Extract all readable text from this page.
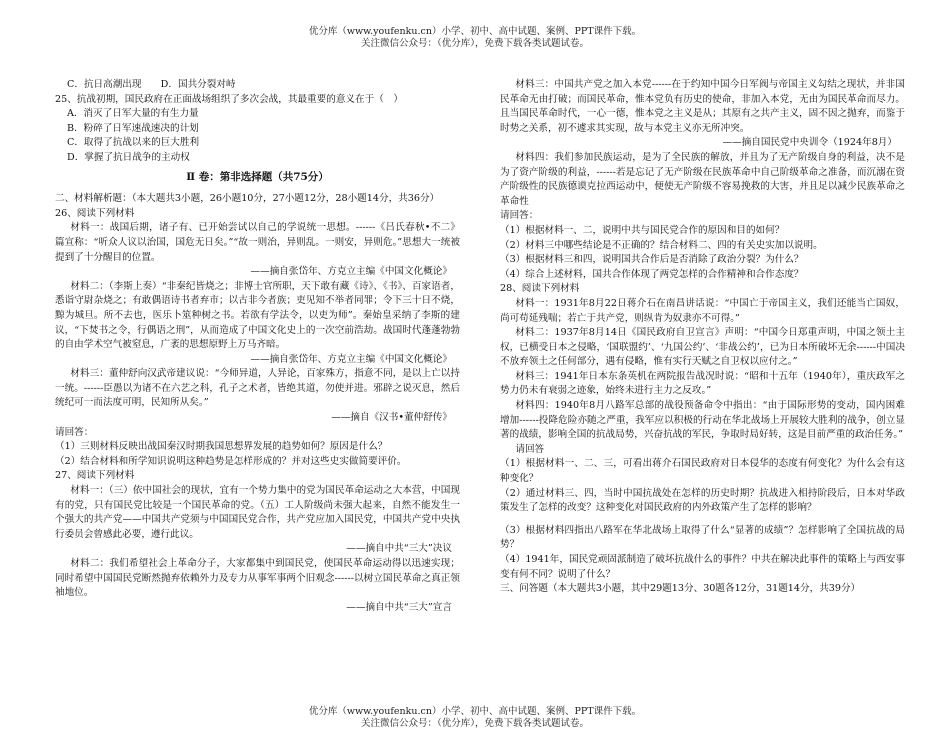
优分库（www.youfenku.cn）小学、初中、高中试题、案例、PPT课件下载。
关注微信公众号：（优分库），免费下载各类试题试卷。

C．抗日高潮出现　　D．国共分裂对峙

25、抗战初期，国民政府在正面战场组织了多次会战，其最重要的意义在于（　）

A．消灭了日军大量的有生力量

B．粉碎了日军速战速决的计划

C．取得了抗战以来的巨大胜利

D．掌握了抗日战争的主动权

Ⅱ 卷：第非选择题（共75分）

二、材料解析题：（本大题共3小题，26小题10分，27小题12分，28小题14分，共36分）

26、阅读下列材料

材料一：战国后期，诸子有、已开始尝试以自己的学说统一思想。------《吕氏春秋•不二》篇宣称：“听众人议以治国，国危无日矣。”“故一则治，异则乱。一则安，异则危。”思想大一统被提到了十分醒目的位置。

——摘自张岱年、方克立主编《中国文化概论》

材料二：（李斯上奏）“非秦纪皆烧之；非博士官所职，天下敢有藏《诗》、《书》、百家语者，悉诣守尉杂烧之；有敢偶语诗书者弃市；以古非今者族；吏见知不举者同罪；令下三十日不烧，黥为城旦。所不去也，医乐卜筮种树之书。若欲有学法令，以吏为师”。秦始皇采纳了李斯的建议，“下焚书之令，行偶语之刑”，从而造成了中国文化史上的一次空前浩劫。战国时代蓬蓬勃勃的自由学术空气被窒息，广袤的思想原野上万马齐暗。

——摘自张岱年、方克立主编《中国文化概论》

材料三：董仲舒向汉武帝建议说：“今师异道，人异论，百家殊方，指意不同，是以上亡以持一统。------臣愚以为诸不在六艺之科，孔子之术者，皆绝其道，勿使并进。邪辟之说灭息，然后统纪可一而法度可明，民知所从矣。”

——摘自《汉书•董仲舒传》

请回答：

（1）三则材料反映出战国秦汉时期我国思想界发展的趋势如何？原因是什么？

（2）结合材料和所学知识说明这种趋势是怎样形成的？并对这些史实做简要评价。

27、阅读下列材料

材料一：（三）依中国社会的现状，宜有一个势力集中的党为国民革命运动之大本营，中国现有的党，只有国民党比较是一个国民革命的党。（五）工人阶级尚未强大起来，自然不能发生一个强大的共产党——中国共产党须与中国国民党合作，共产党应加入国民党，中国共产党中央执行委员会曾感此必要，遵行此议。

——摘自中共“三大”决议

材料二：我们希望社会上革命分子，大家都集中到国民党，使国民革命运动得以迅速实现；同时希望中国国民党断然抛弃依赖外力及专力从事军事两个旧观念------以树立国民革命之真正领袖地位。

——摘自中共“三大”宣言

材料三：中国共产党之加入本党------在于约知中国今日军阀与帝国主义勾结之现状，并非国民革命无由打破；而国民革命，惟本党负有历史的使命，非加入本党，无由为国民革命而尽力。且当国民革命时代，一心一德，惟本党之主义是从；其原有之共产主义，固不因之抛弃，而鉴于时势之关系，初不遽求其实现，故与本党主义亦无所冲突。

——摘自国民党中央训令（1924年8月）

材料四：我们参加民族运动，是为了全民族的解放，并且为了无产阶级自身的利益，决不是为了资产阶级的利益，------若是忘记了无产阶级在民族革命中自己阶级革命之准备，而沉溺在资产阶级性的民族德谟克拉西运动中，便使无产阶级不容易挽救的大害，并且足以减少民族革命之革命性

请回答：

（1）根据材料一、二，说明中共与国民党合作的原因和目的如何？

（2）材料三中哪些结论是不正确的？结合材料二、四的有关史实加以说明。

（3）根据材料三和四，说明国共合作后是否消除了政治分裂？为什么？

（4）综合上述材料，国共合作体现了两党怎样的合作精神和合作态度？

28、阅读下列材料

材料一：1931年8月22日蒋介石在南昌讲话说：“中国亡于帝国主义，我们还能当亡国奴，尚可苟延残喘；若亡于共产党，则纵肯为奴隶亦不可得。”

材料二：1937年8月14日《国民政府自卫宣言》声明：“中国今日郑重声明，中国之领土主权，已横受日本之侵略，‘国联盟约’、‘九国公约’、‘非战公约’，已为日本所破坏无余------中国决不放弃领土之任何部分，遇有侵略，惟有实行天赋之自卫权以应付之。”

材料三：1941年日本东条英机在两院报告战况时说：“昭和十五年（1940年），重庆政军之势力仍未有衰弱之迹象，始终未进行主力之反攻。”

材料四：1940年8月八路军总部的战役预备命令中指出：“由于国际形势的变动，国内困难增加------投降危险亦随之严重，我军应以积极的行动在华北战场上开展较大胜利的战争，创立显著的战绩，影响全国的抗战局势，兴奋抗战的军民，争取时局好转，这是目前严重的政治任务。”

请回答

（1）根据材料一、二、三，可看出蒋介石国民政府对日本侵华的态度有何变化？为什么会有这种变化？

（2）通过材料三、四，当时中国抗战处在怎样的历史时期？抗战进入相持阶段后，日本对华政策发生了怎样的改变？这种变化对国民政府的内外政策产生了怎样的影响？

（3）根据材料四指出八路军在华北战场上取得了什么“显著的成绩”？怎样影响了全国抗战的局势？

（4）1941年，国民党顽固派制造了破坏抗战什么的事件？中共在解决此事件的策略上与西安事变有何不同？说明了什么？

三、问答题（本大题共3小题，其中29题13分、30题各12分，31题14分，共39分）

优分库（www.youfenku.cn）小学、初中、高中试题、案例、PPT课件下载。
关注微信公众号：（优分库），免费下载各类试题试卷。
